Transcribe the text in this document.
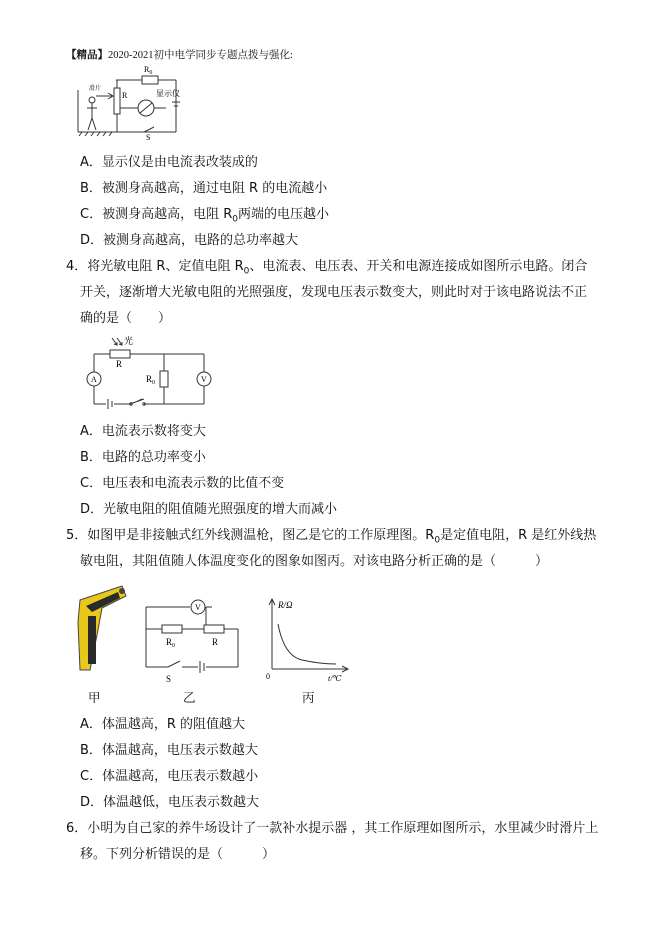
【精品】2020-2021初中电学同步专题点拨与强化:
$R_0$
滑片
R	显示仪
S
A．显示仪是由电流表改装成的
B．被测身高越高，通过电阻 R 的电流越小
C．被测身高越高，电阻 $R_0$两端的电压越小
D．被测身高越高，电路的总功率越大
4．将光敏电阻 R、定值电阻 $R_0$、电流表、电压表、开关和电源连接成如图所示电路。闭合
开关，逐渐增大光敏电阻的光照强度，发现电压表示数变大，则此时对于该电路说法不正
确的是（　　）
光
R
$R_0$
A	V
A．电流表示数将变大
B．电路的总功率变小
C．电压表和电流表示数的比值不变
D．光敏电阻的阻值随光照强度的增大而减小
5．如图甲是非接触式红外线测温枪，图乙是它的工作原理图。$R_0$是定值电阻，R 是红外线热
敏电阻，其阻值随人体温度变化的图象如图丙。对该电路分析正确的是（　　　）
甲
V
$R_0$	R
S
乙
R/Ω
0	t/℃
丙
A．体温越高，R 的阻值越大
B．体温越高，电压表示数越大
C．体温越高，电压表示数越小
D．体温越低，电压表示数越大
6．小明为自己家的养牛场设计了一款补水提示器 ，其工作原理如图所示，水里减少时滑片上
移。下列分析错误的是（　　　）
